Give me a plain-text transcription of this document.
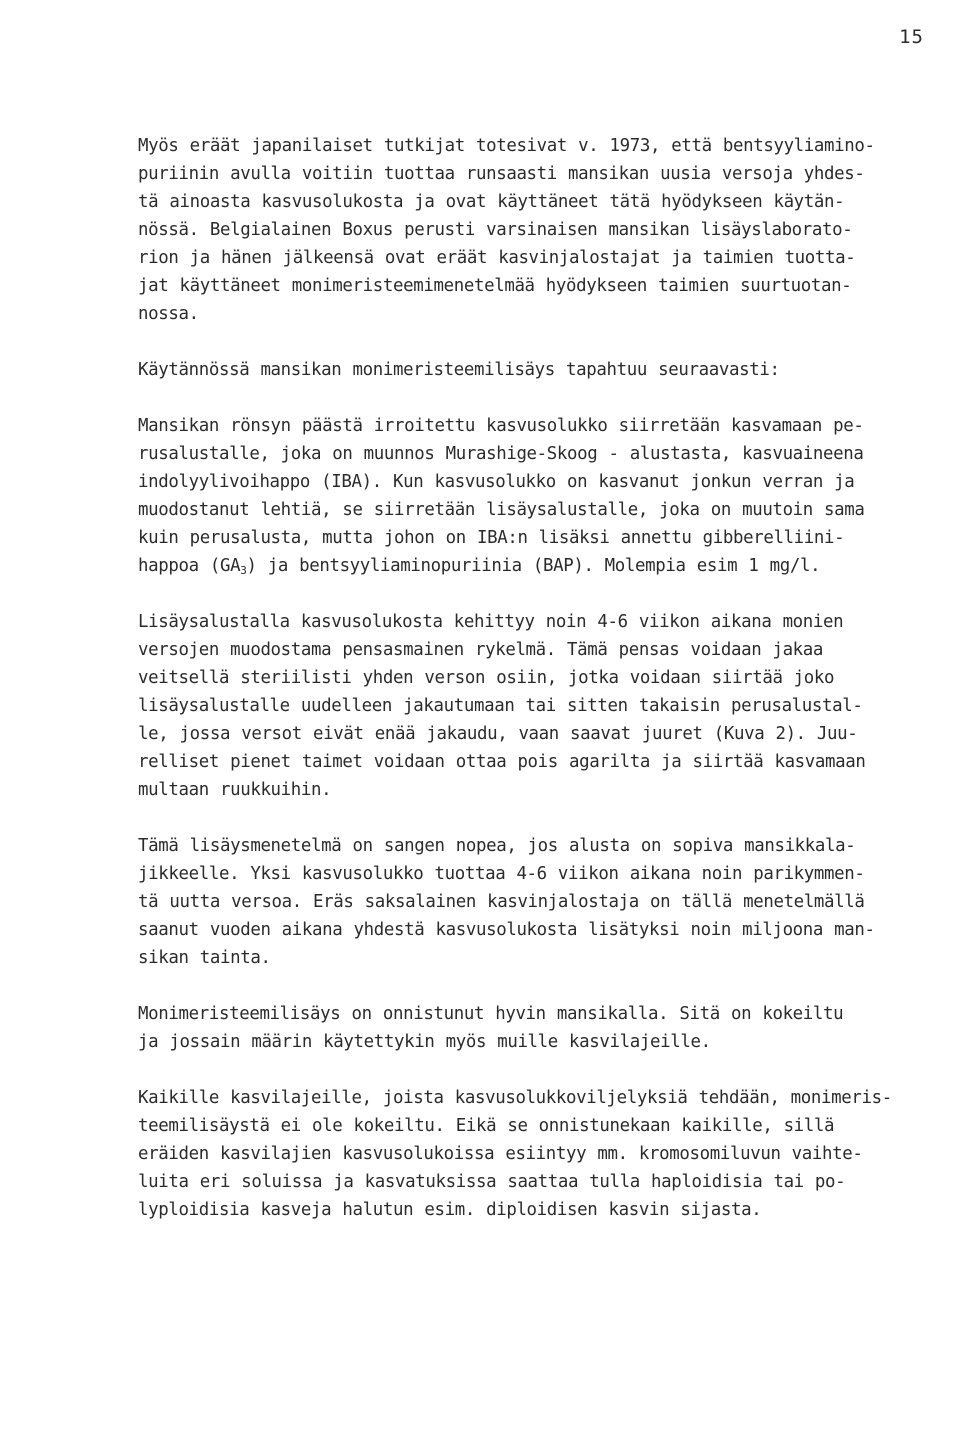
15
Myös eräät japanilaiset tutkijat totesivat v. 1973, että bentsyyliamino-
puriinin avulla voitiin tuottaa runsaasti mansikan uusia versoja yhdes-
tä ainoasta kasvusolukosta ja ovat käyttäneet tätä hyödykseen käytän-
nössä. Belgialainen Boxus perusti varsinaisen mansikan lisäyslaborato-
rion ja hänen jälkeensä ovat eräät kasvinjalostajat ja taimien tuotta-
jat käyttäneet monimeristeemimenetelmää hyödykseen taimien suurtuotan-
nossa.
Käytännössä mansikan monimeristeemilisäys tapahtuu seuraavasti:
Mansikan rönsyn päästä irroitettu kasvusolukko siirretään kasvamaan pe-
rusalustalle, joka on muunnos Murashige-Skoog - alustasta, kasvuaineena
indolyylivoihappo (IBA). Kun kasvusolukko on kasvanut jonkun verran ja
muodostanut lehtiä, se siirretään lisäysalustalle, joka on muutoin sama
kuin perusalusta, mutta johon on IBA:n lisäksi annettu gibberelliini-
happoa $(GA_3)$ ja bentsyyliaminopuriinia (BAP). Molempia esim 1 mg/l.
Lisäysalustalla kasvusolukosta kehittyy noin 4-6 viikon aikana monien
versojen muodostama pensasmainen rykelmä. Tämä pensas voidaan jakaa
veitsellä steriilisti yhden verson osiin, jotka voidaan siirtää joko
lisäysalustalle uudelleen jakautumaan tai sitten takaisin perusalustal-
le, jossa versot eivät enää jakaudu, vaan saavat juuret (Kuva 2). Juu-
relliset pienet taimet voidaan ottaa pois agarilta ja siirtää kasvamaan
multaan ruukkuihin.
Tämä lisäysmenetelmä on sangen nopea, jos alusta on sopiva mansikkala-
jikkeelle. Yksi kasvusolukko tuottaa 4-6 viikon aikana noin parikymmen-
tä uutta versoa. Eräs saksalainen kasvinjalostaja on tällä menetelmällä
saanut vuoden aikana yhdestä kasvusolukosta lisätyksi noin miljoona man-
sikan tainta.
Monimeristeemilisäys on onnistunut hyvin mansikalla. Sitä on kokeiltu
ja jossain määrin käytettykin myös muille kasvilajeille.
Kaikille kasvilajeille, joista kasvusolukkoviljelyksiä tehdään, monimeris-
teemilisäystä ei ole kokeiltu. Eikä se onnistunekaan kaikille, sillä
eräiden kasvilajien kasvusolukoissa esiintyy mm. kromosomiluvun vaihte-
luita eri soluissa ja kasvatuksissa saattaa tulla haploidisia tai po-
lyploidisia kasveja halutun esim. diploidisen kasvin sijasta.
